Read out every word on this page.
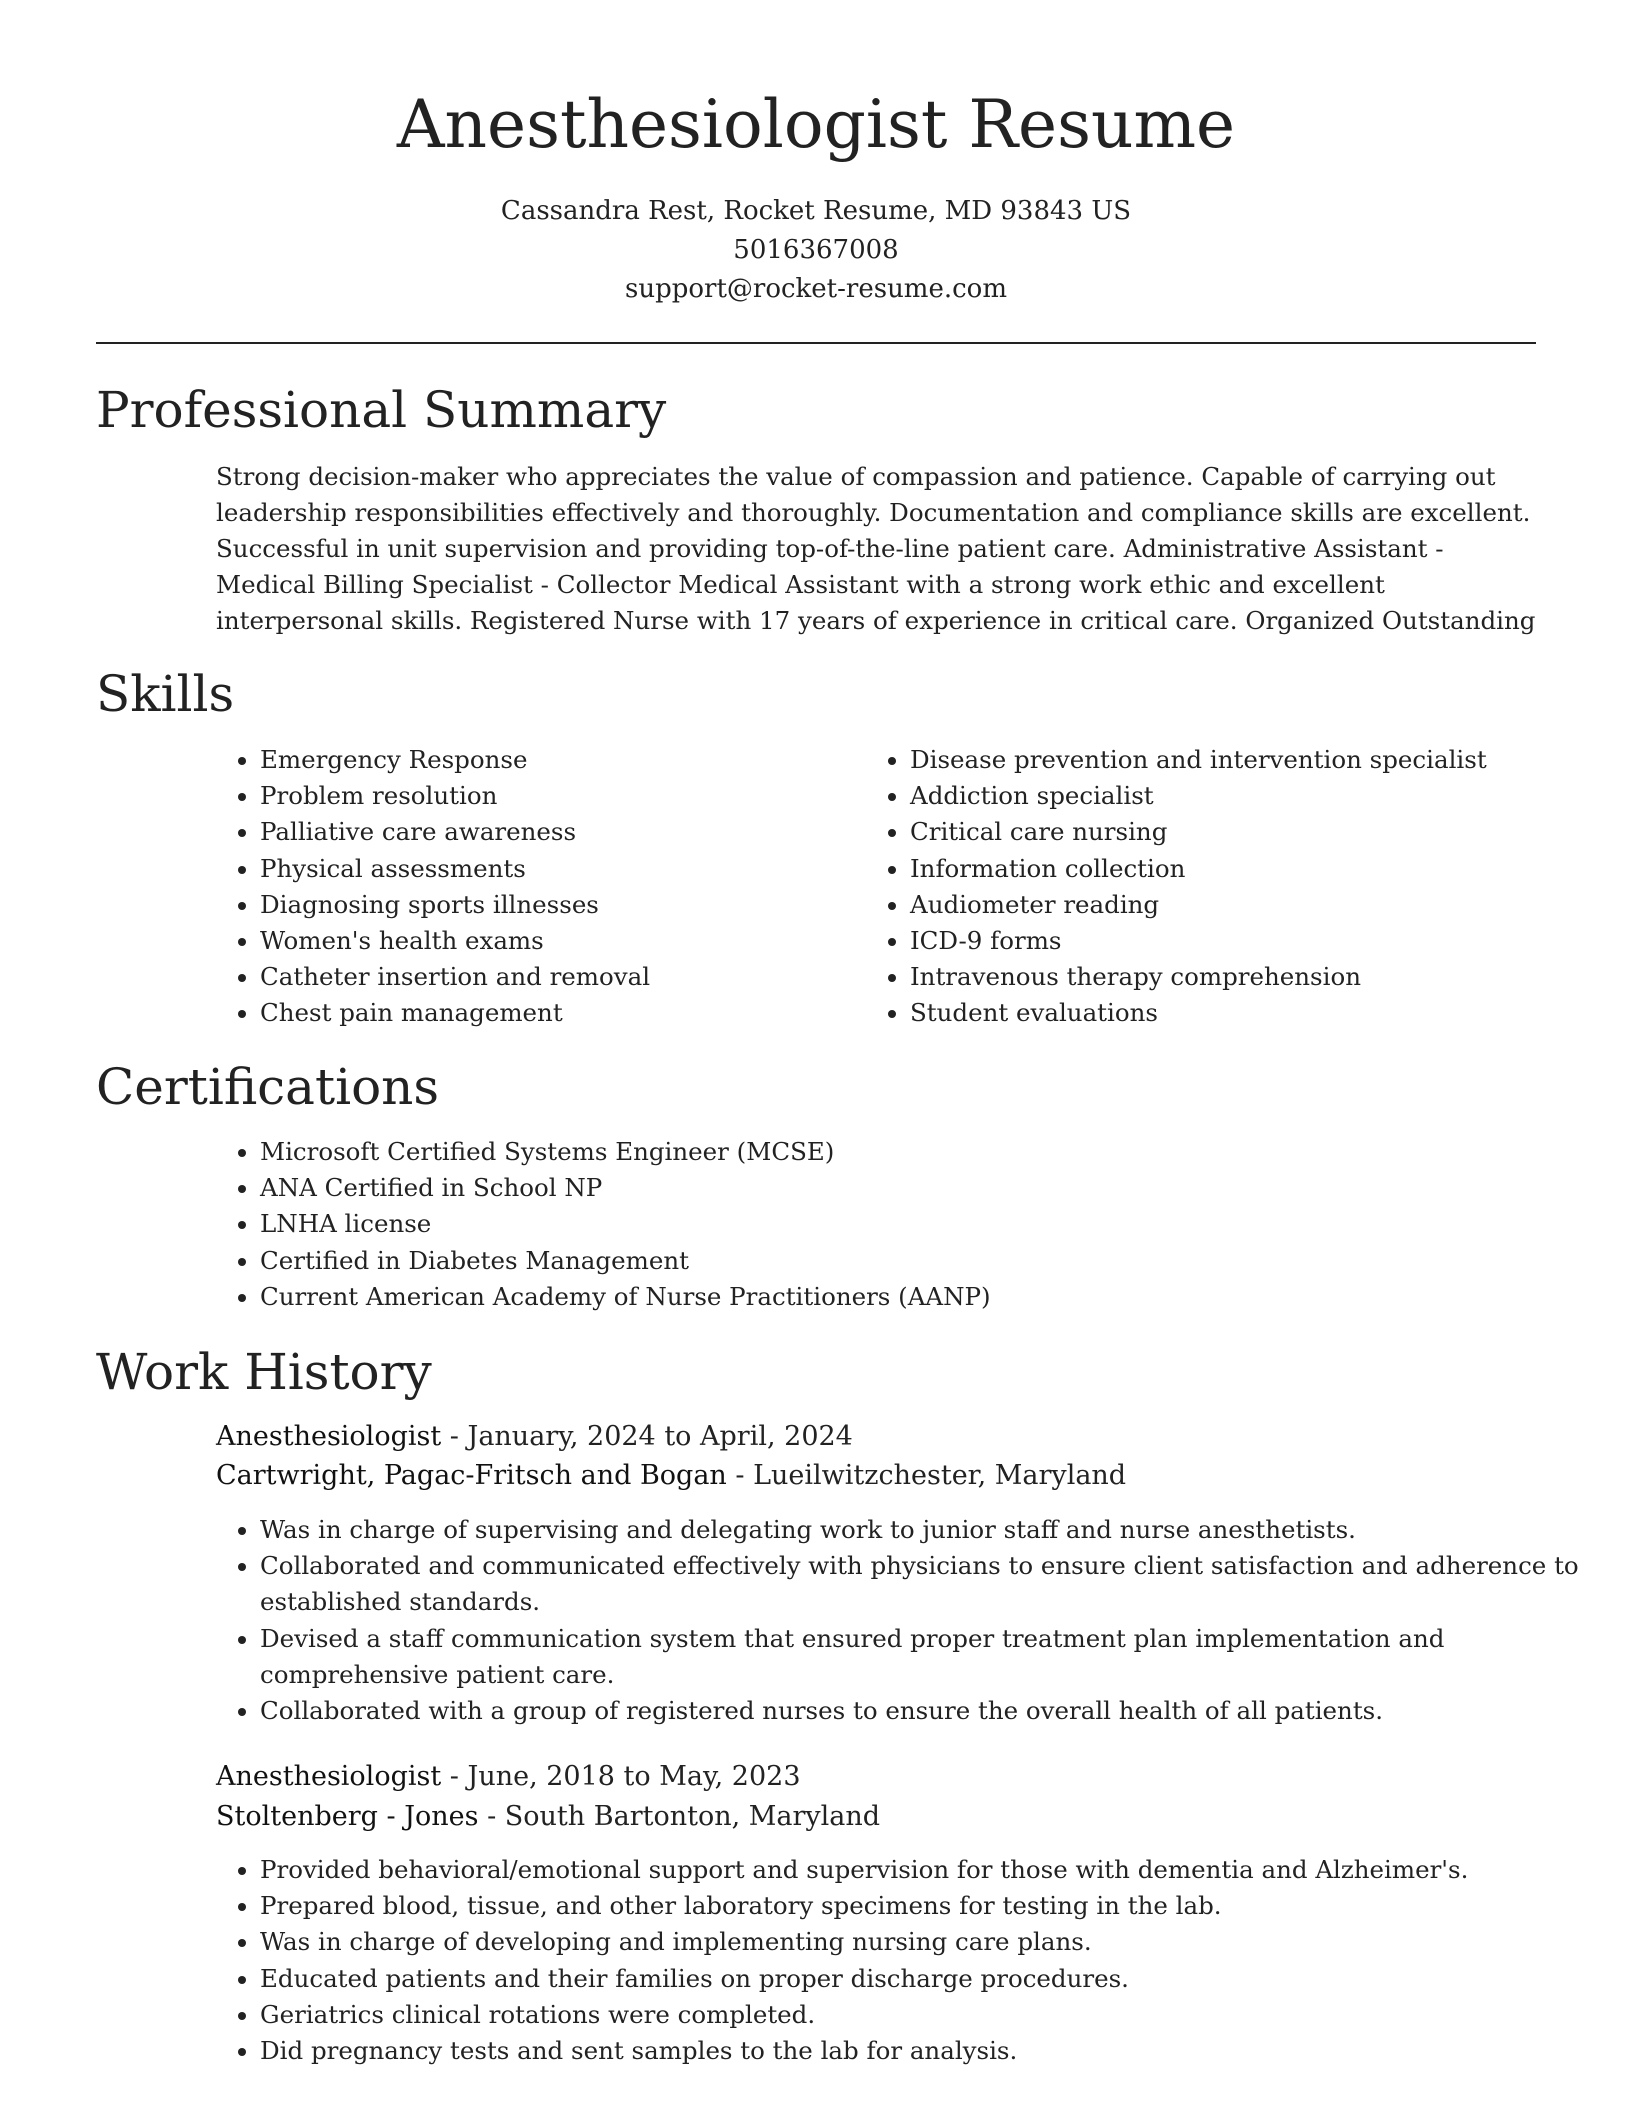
Anesthesiologist Resume
Cassandra Rest, Rocket Resume, MD 93843 US
5016367008
support@rocket-resume.com
Professional Summary
Strong decision-maker who appreciates the value of compassion and patience. Capable of carrying out leadership responsibilities effectively and thoroughly. Documentation and compliance skills are excellent. Successful in unit supervision and providing top-of-the-line patient care. Administrative Assistant - Medical Billing Specialist - Collector Medical Assistant with a strong work ethic and excellent interpersonal skills. Registered Nurse with 17 years of experience in critical care. Organized Outstanding
Skills
• Emergency Response
• Problem resolution
• Palliative care awareness
• Physical assessments
• Diagnosing sports illnesses
• Women's health exams
• Catheter insertion and removal
• Chest pain management
• Disease prevention and intervention specialist
• Addiction specialist
• Critical care nursing
• Information collection
• Audiometer reading
• ICD-9 forms
• Intravenous therapy comprehension
• Student evaluations
Certifications
• Microsoft Certified Systems Engineer (MCSE)
• ANA Certified in School NP
• LNHA license
• Certified in Diabetes Management
• Current American Academy of Nurse Practitioners (AANP)
Work History
Anesthesiologist - January, 2024 to April, 2024
Cartwright, Pagac-Fritsch and Bogan - Lueilwitzchester, Maryland
• Was in charge of supervising and delegating work to junior staff and nurse anesthetists.
• Collaborated and communicated effectively with physicians to ensure client satisfaction and adherence to established standards.
• Devised a staff communication system that ensured proper treatment plan implementation and comprehensive patient care.
• Collaborated with a group of registered nurses to ensure the overall health of all patients.
Anesthesiologist - June, 2018 to May, 2023
Stoltenberg - Jones - South Bartonton, Maryland
• Provided behavioral/emotional support and supervision for those with dementia and Alzheimer's.
• Prepared blood, tissue, and other laboratory specimens for testing in the lab.
• Was in charge of developing and implementing nursing care plans.
• Educated patients and their families on proper discharge procedures.
• Geriatrics clinical rotations were completed.
• Did pregnancy tests and sent samples to the lab for analysis.
